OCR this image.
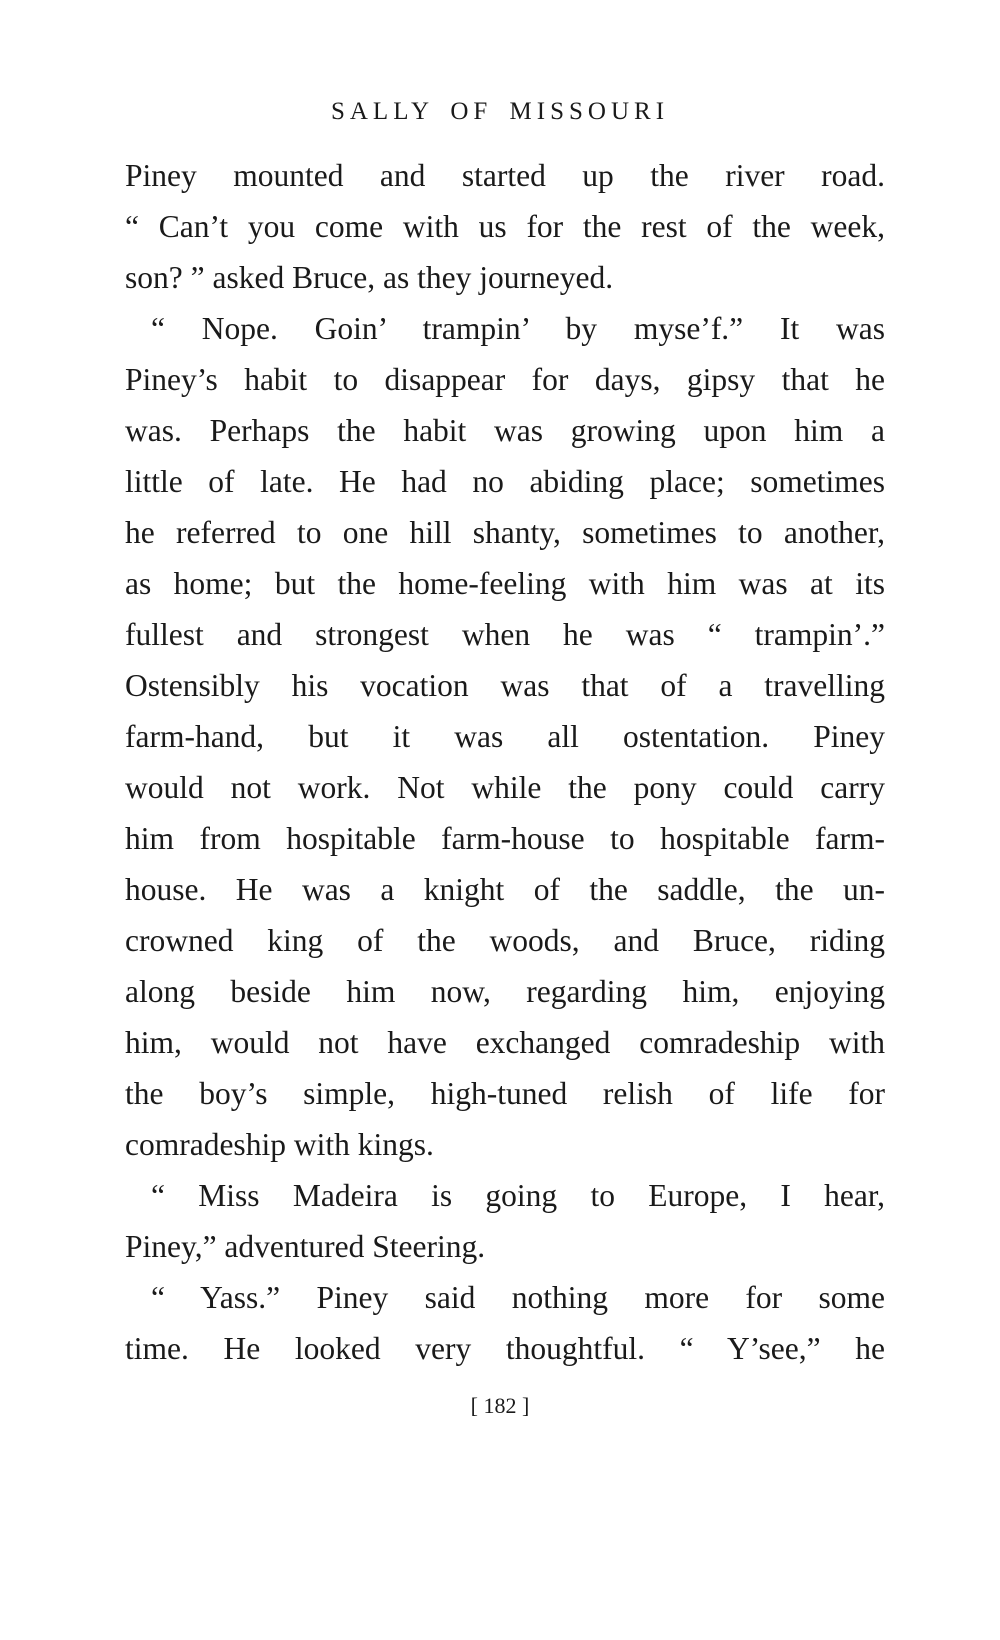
SALLY OF MISSOURI
Piney mounted and started up the river road.
“ Can’t you come with us for the rest of the week,
son? ” asked Bruce, as they journeyed.
“ Nope. Goin’ trampin’ by myse’f.” It was
Piney’s habit to disappear for days, gipsy that he
was. Perhaps the habit was growing upon him a
little of late. He had no abiding place; sometimes
he referred to one hill shanty, sometimes to another,
as home; but the home-feeling with him was at its
fullest and strongest when he was “ trampin’.”
Ostensibly his vocation was that of a travelling
farm-hand, but it was all ostentation. Piney
would not work. Not while the pony could carry
him from hospitable farm-house to hospitable farm-
house. He was a knight of the saddle, the un-
crowned king of the woods, and Bruce, riding
along beside him now, regarding him, enjoying
him, would not have exchanged comradeship with
the boy’s simple, high-tuned relish of life for
comradeship with kings.
“ Miss Madeira is going to Europe, I hear,
Piney,” adventured Steering.
“ Yass.” Piney said nothing more for some
time. He looked very thoughtful. “ Y’see,” he
[ 182 ]
